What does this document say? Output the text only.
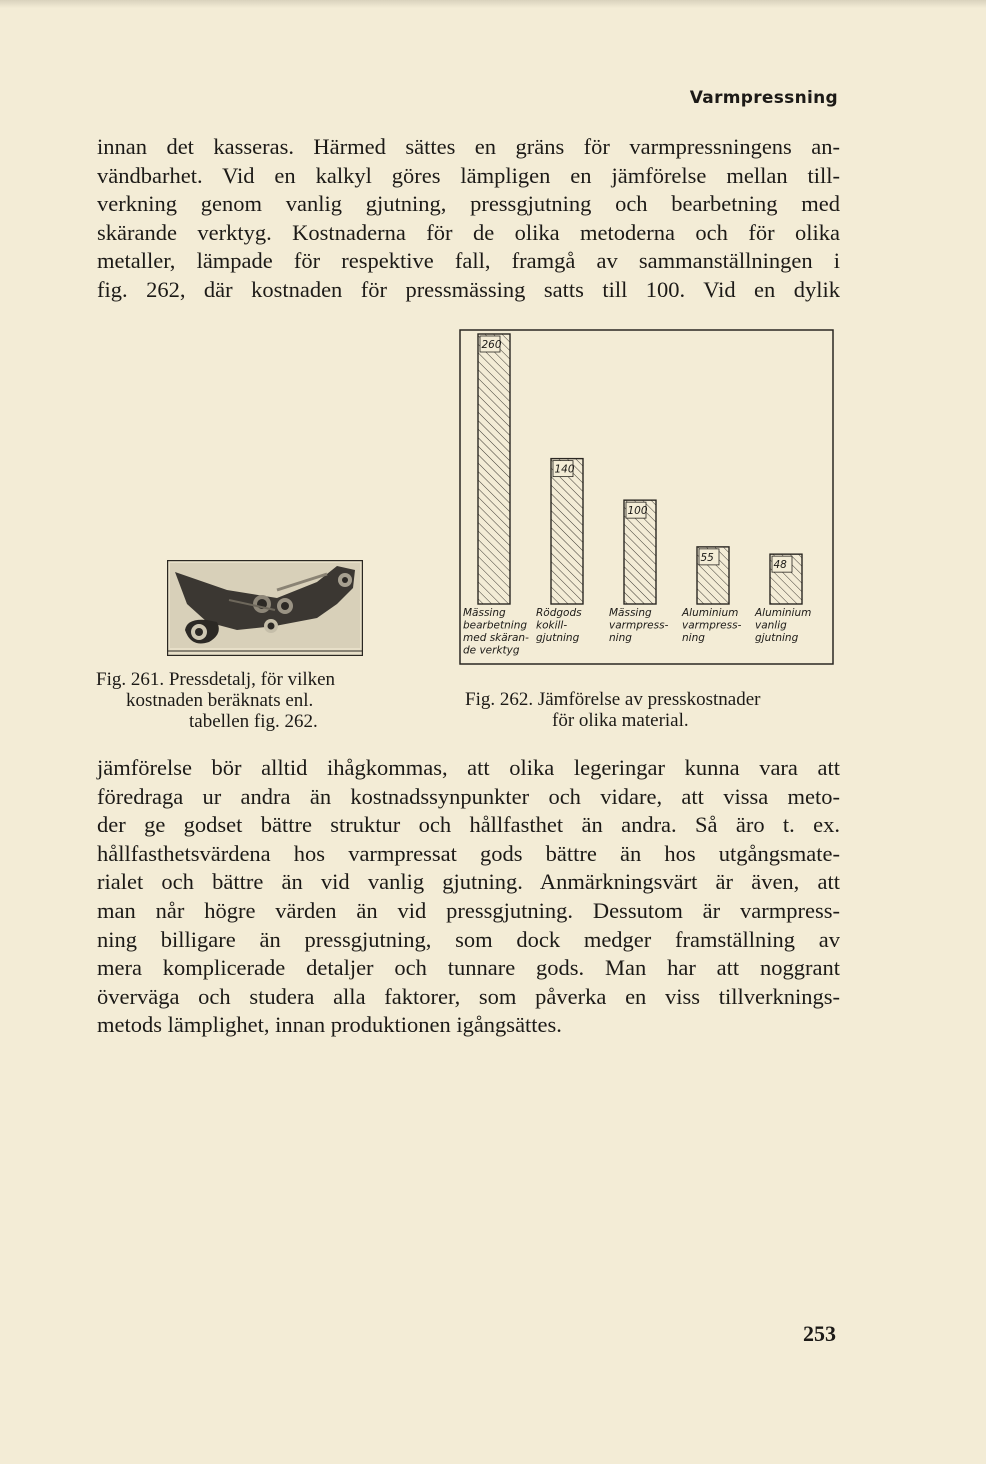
Varmpressning

innan det kasseras. Härmed sättes en gräns för varmpressningens an-
vändbarhet. Vid en kalkyl göres lämpligen en jämförelse mellan till-
verkning genom vanlig gjutning, pressgjutning och bearbetning med
skärande verktyg. Kostnaderna för de olika metoderna och för olika
metaller, lämpade för respektive fall, framgå av sammanställningen i
fig. 262, där kostnaden för pressmässing satts till 100. Vid en dylik

Fig. 261. Pressdetalj, för vilken
kostnaden beräknats enl.
tabellen fig. 262.
260
140
100
55
48
Mässing
bearbetning
med skäran-
de verktyg
Rödgods
kokill-
gjutning
Mässing
varmpress-
ning
Aluminium
varmpress-
ning
Aluminium
vanlig
gjutning
Fig. 262. Jämförelse av presskostnader
för olika material.

jämförelse bör alltid ihågkommas, att olika legeringar kunna vara att
föredraga ur andra än kostnadssynpunkter och vidare, att vissa meto-
der ge godset bättre struktur och hållfasthet än andra. Så äro t. ex.
hållfasthetsvärdena hos varmpressat gods bättre än hos utgångsmate-
rialet och bättre än vid vanlig gjutning. Anmärkningsvärt är även, att
man når högre värden än vid pressgjutning. Dessutom är varmpress-
ning billigare än pressgjutning, som dock medger framställning av
mera komplicerade detaljer och tunnare gods. Man har att noggrant
överväga och studera alla faktorer, som påverka en viss tillverknings-
metods lämplighet, innan produktionen igångsättes.

253
